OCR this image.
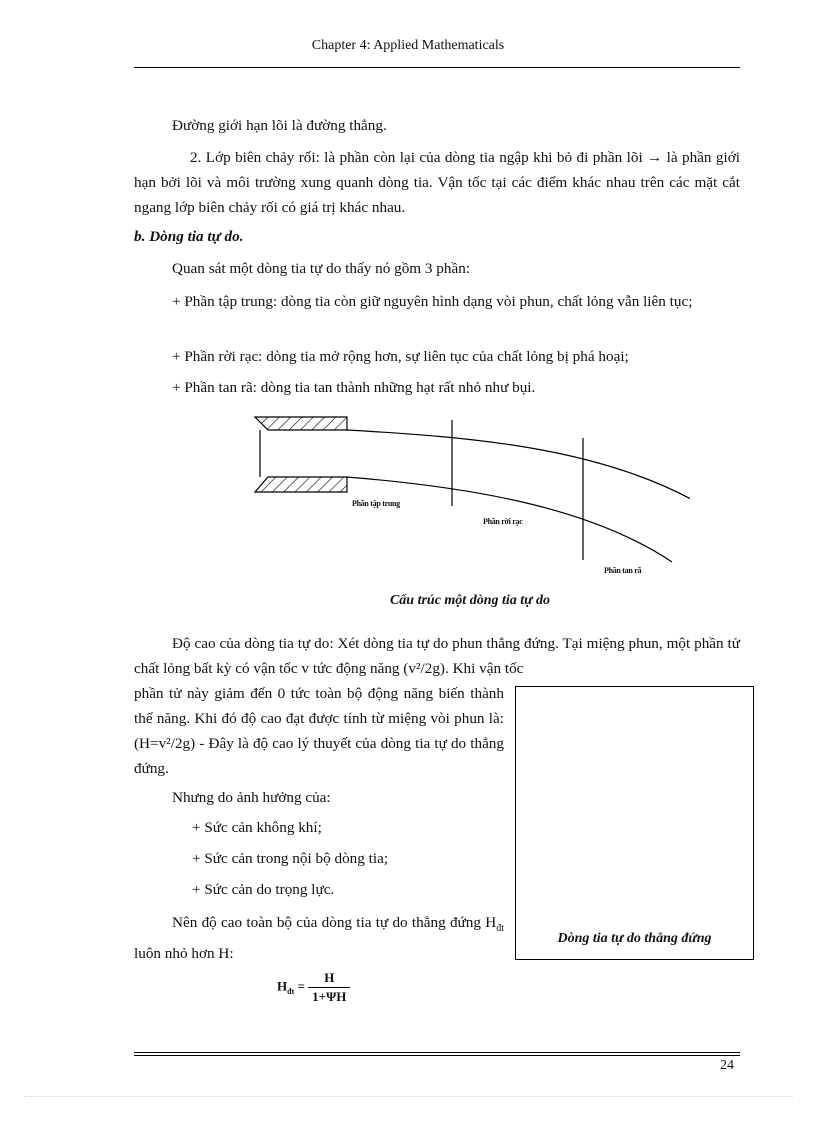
Chapter 4: Applied Mathematicals
Đường giới hạn lõi là đường thẳng.
2. Lớp biên chảy rối: là phần còn lại của dòng tia ngập khi bỏ đi phần lõi → là phần giới hạn bởi lõi và môi trường xung quanh dòng tia. Vận tốc tại các điểm khác nhau trên các mặt cắt ngang lớp biên chảy rối có giá trị khác nhau.
b. Dòng tia tự do.
Quan sát một dòng tia tự do thấy nó gồm 3 phần:
+ Phần tập trung: dòng tia còn giữ nguyên hình dạng vòi phun, chất lỏng vẫn liên tục;
+ Phần rời rạc: dòng tia mở rộng hơn, sự liên tục của chất lỏng bị phá hoại;
+ Phần tan rã: dòng tia tan thành những hạt rất nhỏ như bụi.
Phần tập trung
Phần rời rạc
Phần tan rã
Cấu trúc một dòng tia tự do
Độ cao của dòng tia tự do: Xét dòng tia tự do phun thẳng đứng. Tại miệng phun, một phần tử chất lỏng bất kỳ có vận tốc v tức động năng (v²/2g). Khi vận tốc
phần tử này giảm đến 0 tức toàn bộ động năng biến thành thế năng. Khi đó độ cao đạt được tính từ miệng vòi phun là: (H=v²/2g) - Đây là độ cao lý thuyết của dòng tia tự do thẳng đứng.
Nhưng do ảnh hưởng của:
+ Sức cản không khí;
+ Sức cản trong nội bộ dòng tia;
+ Sức cản do trọng lực.
Nên độ cao toàn bộ của dòng tia tự do thẳng đứng $H_{đt}$ luôn nhỏ hơn H:
Dòng tia tự do thẳng đứng
$H_{đt} = \frac{H}{1+\Psi H}$
24
